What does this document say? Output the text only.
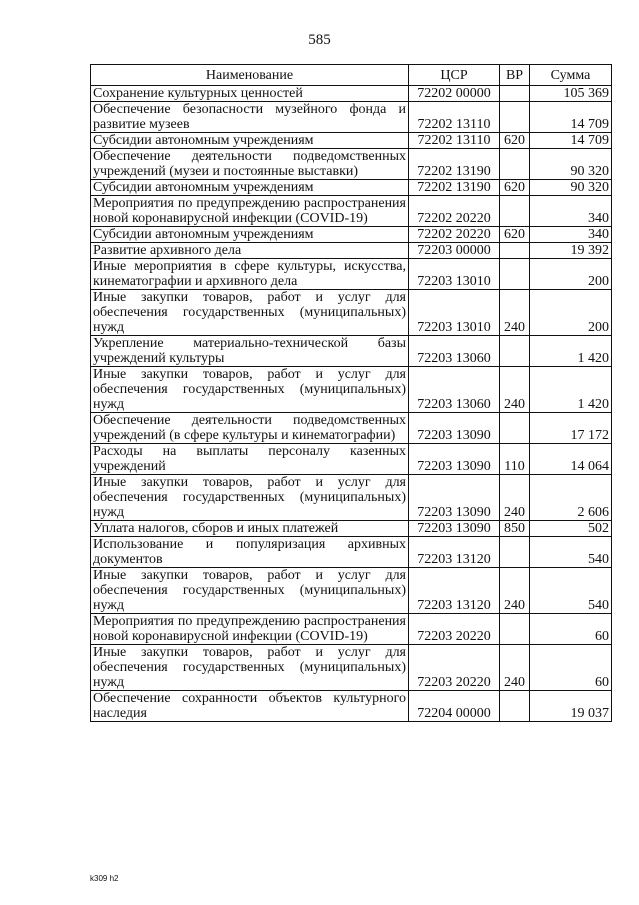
585
Наименование	ЦСР	ВР	Сумма
Сохранение культурных ценностей	72202 00000		105 369
Обеспечение безопасности музейного фонда и развитие музеев	72202 13110		14 709
Субсидии автономным учреждениям	72202 13110	620	14 709
Обеспечение деятельности подведомственных учреждений (музеи и постоянные выставки)	72202 13190		90 320
Субсидии автономным учреждениям	72202 13190	620	90 320
Мероприятия по предупреждению распространения новой коронавирусной инфекции (COVID-19)	72202 20220		340
Субсидии автономным учреждениям	72202 20220	620	340
Развитие архивного дела	72203 00000		19 392
Иные мероприятия в сфере культуры, искусства, кинематографии и архивного дела	72203 13010		200
Иные закупки товаров, работ и услуг для обеспечения государственных (муниципальных) нужд	72203 13010	240	200
Укрепление материально-технической базы учреждений культуры	72203 13060		1 420
Иные закупки товаров, работ и услуг для обеспечения государственных (муниципальных) нужд	72203 13060	240	1 420
Обеспечение деятельности подведомственных учреждений (в сфере культуры и кинематографии)	72203 13090		17 172
Расходы на выплаты персоналу казенных учреждений	72203 13090	110	14 064
Иные закупки товаров, работ и услуг для обеспечения государственных (муниципальных) нужд	72203 13090	240	2 606
Уплата налогов, сборов и иных платежей	72203 13090	850	502
Использование и популяризация архивных документов	72203 13120		540
Иные закупки товаров, работ и услуг для обеспечения государственных (муниципальных) нужд	72203 13120	240	540
Мероприятия по предупреждению распространения новой коронавирусной инфекции (COVID-19)	72203 20220		60
Иные закупки товаров, работ и услуг для обеспечения государственных (муниципальных) нужд	72203 20220	240	60
Обеспечение сохранности объектов культурного наследия	72204 00000		19 037
k309 h2
